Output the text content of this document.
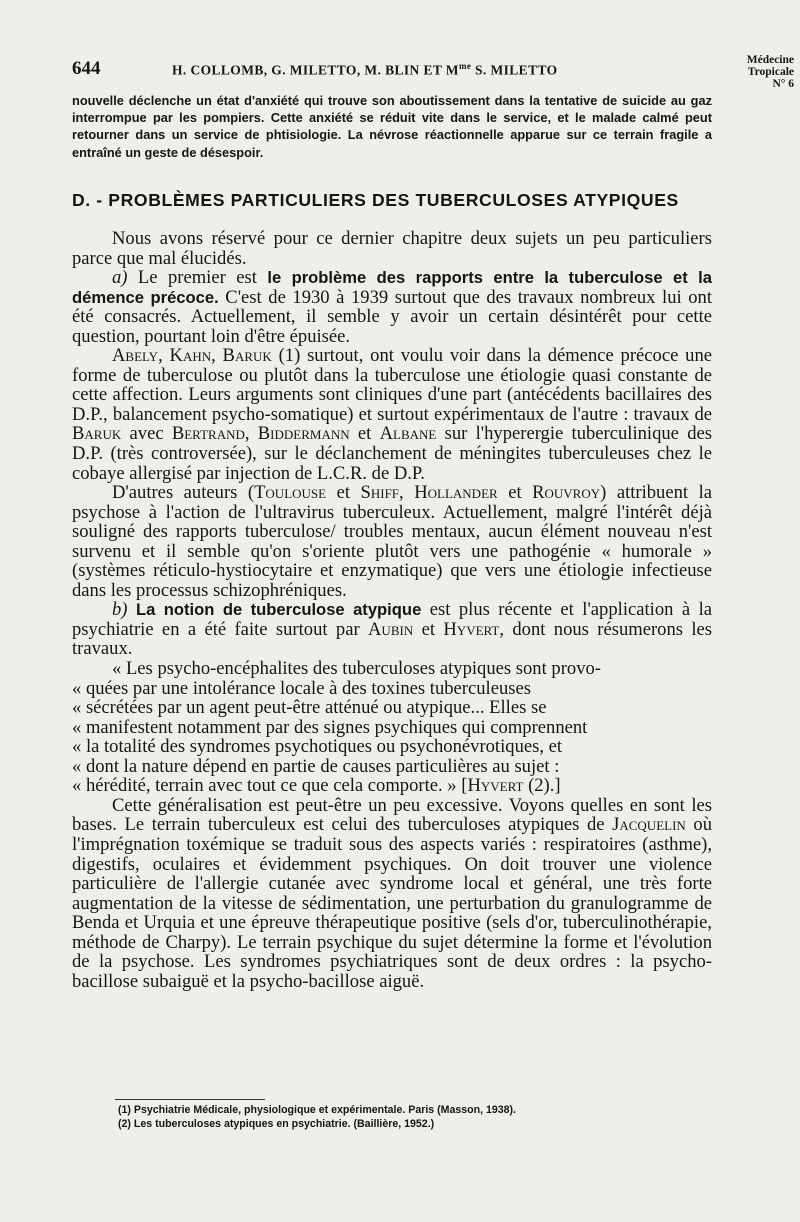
644	H. COLLOMB, G. MILETTO, M. BLIN ET $M^{me}$ S. MILETTO
Médecine
Tropicale
N° 6
nouvelle déclenche un état d'anxiété qui trouve son aboutissement dans la tentative de suicide au gaz interrompue par les pompiers. Cette anxiété se réduit vite dans le service, et le malade calmé peut retourner dans un service de phtisiologie. La névrose réactionnelle apparue sur ce terrain fragile a entraîné un geste de désespoir.
D. - PROBLÈMES PARTICULIERS DES TUBERCULOSES ATYPIQUES

Nous avons réservé pour ce dernier chapitre deux sujets un peu particuliers parce que mal élucidés.

a) Le premier est le problème des rapports entre la tuberculose et la démence précoce. C'est de 1930 à 1939 surtout que des travaux nombreux lui ont été consacrés. Actuellement, il semble y avoir un certain désintérêt pour cette question, pourtant loin d'être épuisée.

Abely, Kahn, Baruk (1) surtout, ont voulu voir dans la démence précoce une forme de tuberculose ou plutôt dans la tuberculose une étiologie quasi constante de cette affection. Leurs arguments sont cliniques d'une part (antécédents bacillaires des D.P., balancement psycho-somatique) et surtout expérimentaux de l'autre : travaux de Baruk avec Bertrand, Biddermann et Albane sur l'hyperergie tuberculinique des D.P. (très controversée), sur le déclanchement de méningites tuberculeuses chez le cobaye allergisé par injection de L.C.R. de D.P.

D'autres auteurs (Toulouse et Shiff, Hollander et Rouvroy) attribuent la psychose à l'action de l'ultravirus tuberculeux. Actuellement, malgré l'intérêt déjà souligné des rapports tuberculose/ troubles mentaux, aucun élément nouveau n'est survenu et il semble qu'on s'oriente plutôt vers une pathogénie « humorale » (systèmes réticulo-hystiocytaire et enzymatique) que vers une étiologie infectieuse dans les processus schizophréniques.

b) La notion de tuberculose atypique est plus récente et l'application à la psychiatrie en a été faite surtout par Aubin et Hyvert, dont nous résumerons les travaux.

« Les psycho-encéphalites des tuberculoses atypiques sont provo-
« quées par une intolérance locale à des toxines tuberculeuses
« sécrétées par un agent peut-être atténué ou atypique... Elles se
« manifestent notamment par des signes psychiques qui comprennent
« la totalité des syndromes psychotiques ou psychonévrotiques, et
« dont la nature dépend en partie de causes particulières au sujet :
« hérédité, terrain avec tout ce que cela comporte. » [Hyvert (2).]

Cette généralisation est peut-être un peu excessive. Voyons quelles en sont les bases. Le terrain tuberculeux est celui des tuberculoses atypiques de Jacquelin où l'imprégnation toxémique se traduit sous des aspects variés : respiratoires (asthme), digestifs, oculaires et évidemment psychiques. On doit trouver une violence particulière de l'allergie cutanée avec syndrome local et général, une très forte augmentation de la vitesse de sédimentation, une perturbation du granulogramme de Benda et Urquia et une épreuve thérapeutique positive (sels d'or, tuberculinothérapie, méthode de Charpy). Le terrain psychique du sujet détermine la forme et l'évolution de la psychose. Les syndromes psychiatriques sont de deux ordres : la psycho-bacillose subaiguë et la psycho-bacillose aiguë.

(1) Psychiatrie Médicale, physiologique et expérimentale. Paris (Masson, 1938).
(2) Les tuberculoses atypiques en psychiatrie. (Baillière, 1952.)
